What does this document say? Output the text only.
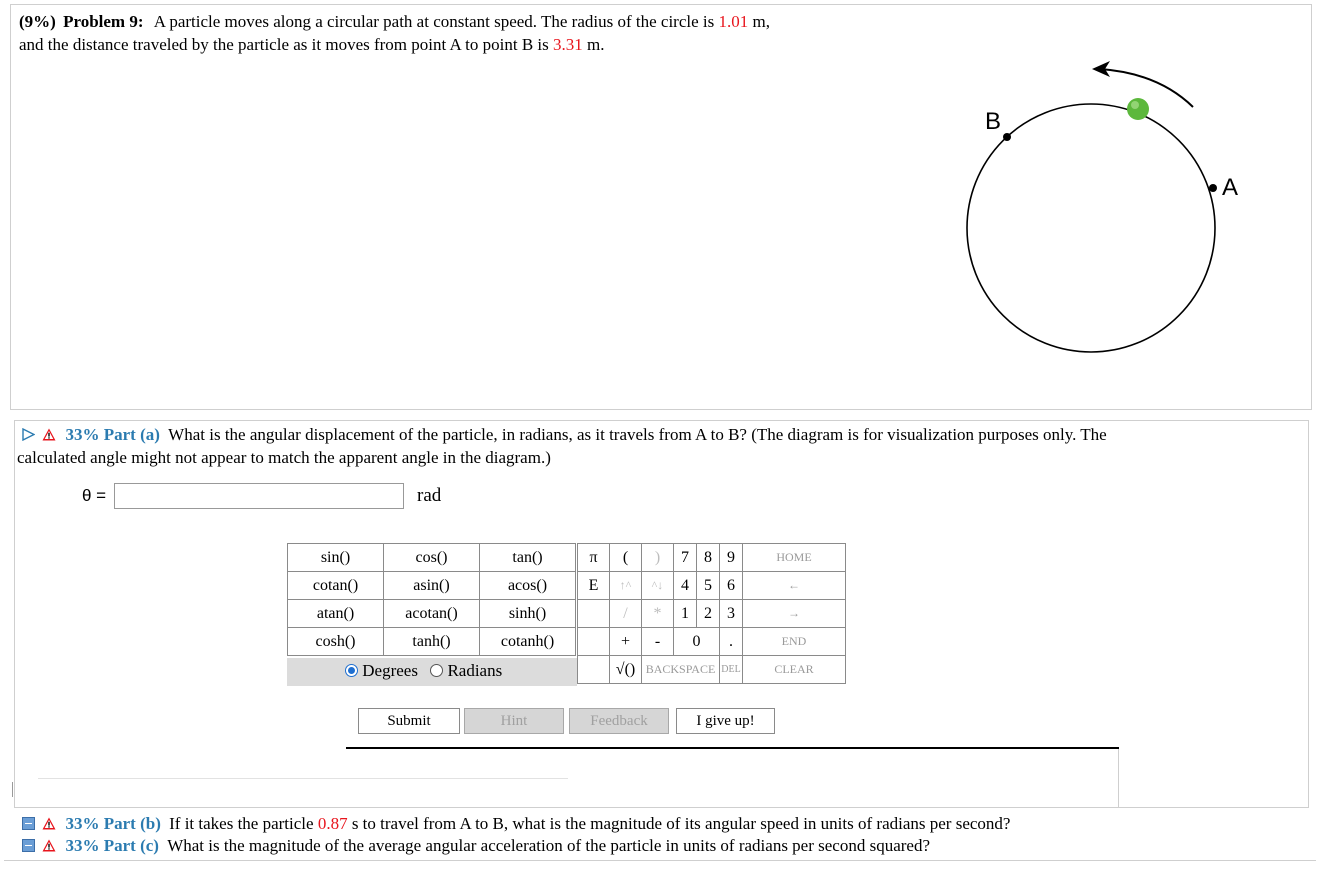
(9%) Problem 9: A particle moves along a circular path at constant speed. The radius of the circle is 1.01 m,
and the distance traveled by the particle as it moves from point A to point B is 3.31 m.
B
A
33% Part (a) What is the angular displacement of the particle, in radians, as it travels from A to B? (The diagram is for visualization purposes only. The
calculated angle might not appear to match the apparent angle in the diagram.)
θ =	rad
sin()	cos()	tan()
cotan()	asin()	acos()
atan()	acotan()	sinh()
cosh()	tanh()	cotanh()
Degrees Radians
π	(	)	7	8	9	HOME
E	↑^	^↓	4	5	6	←
	/	*	1	2	3	→
	+	-	0		.	END
	√()	BACKSPACE			DEL	CLEAR
Submit	Hint	Feedback	I give up!
33% Part (b) If it takes the particle 0.87 s to travel from A to B, what is the magnitude of its angular speed in units of radians per second?
33% Part (c) What is the magnitude of the average angular acceleration of the particle in units of radians per second squared?
